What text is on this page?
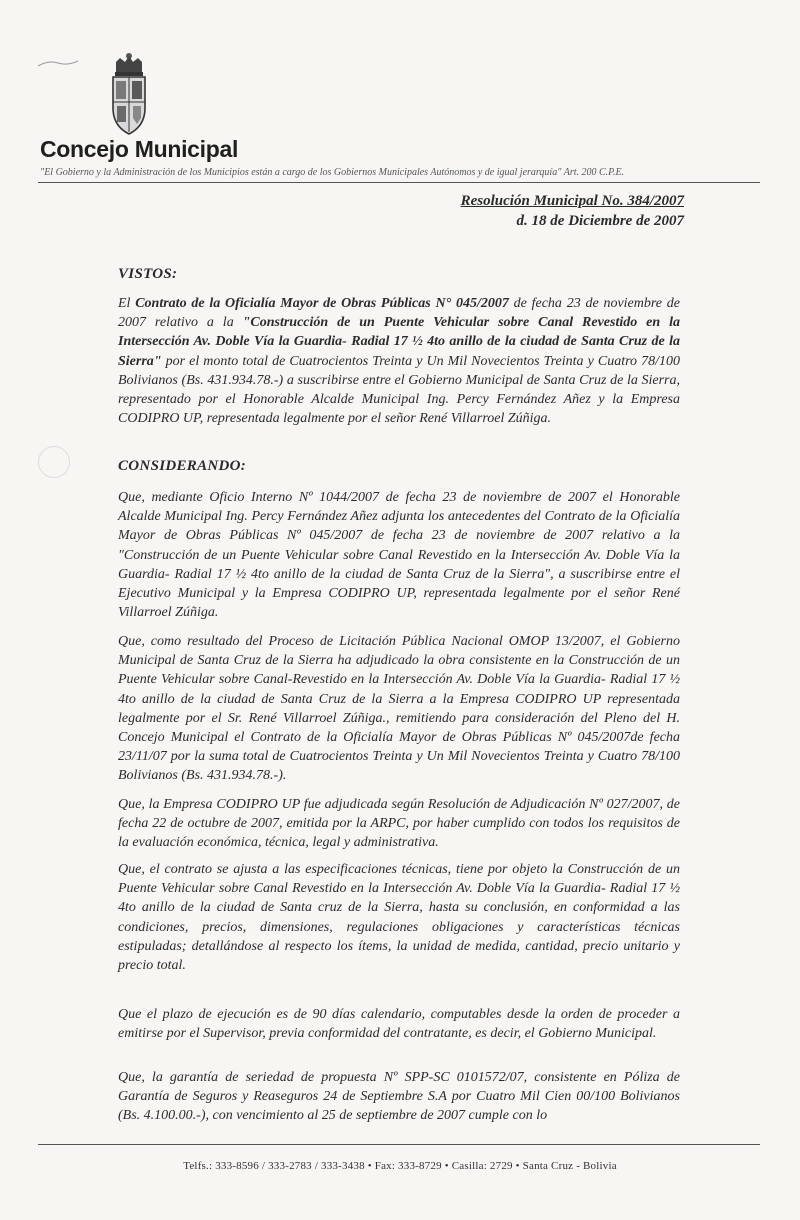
Concejo Municipal
"El Gobierno y la Administración de los Municipios están a cargo de los Gobiernos Municipales Autónomos y de igual jerarquía" Art. 200 C.P.E.
Resolución Municipal No. 384/2007
d. 18 de Diciembre de 2007
VISTOS:

El Contrato de la Oficialía Mayor de Obras Públicas N° 045/2007 de fecha 23 de noviembre de 2007 relativo a la "Construcción de un Puente Vehicular sobre Canal Revestido en la Intersección Av. Doble Vía la Guardia- Radial 17 ½ 4to anillo de la ciudad de Santa Cruz de la Sierra" por el monto total de Cuatrocientos Treinta y Un Mil Novecientos Treinta y Cuatro 78/100 Bolivianos (Bs. 431.934.78.-) a suscribirse entre el Gobierno Municipal de Santa Cruz de la Sierra, representado por el Honorable Alcalde Municipal Ing. Percy Fernández Añez y la Empresa CODIPRO UP, representada legalmente por el señor René Villarroel Zúñiga.

CONSIDERANDO:

Que, mediante Oficio Interno Nº 1044/2007 de fecha 23 de noviembre de 2007 el Honorable Alcalde Municipal Ing. Percy Fernández Añez adjunta los antecedentes del Contrato de la Oficialía Mayor de Obras Públicas Nº 045/2007 de fecha 23 de noviembre de 2007 relativo a la "Construcción de un Puente Vehicular sobre Canal Revestido en la Intersección Av. Doble Vía la Guardia- Radial 17 ½ 4to anillo de la ciudad de Santa Cruz de la Sierra", a suscribirse entre el Ejecutivo Municipal y la Empresa CODIPRO UP, representada legalmente por el señor René Villarroel Zúñiga.

Que, como resultado del Proceso de Licitación Pública Nacional OMOP 13/2007, el Gobierno Municipal de Santa Cruz de la Sierra ha adjudicado la obra consistente en la Construcción de un Puente Vehicular sobre Canal-Revestido en la Intersección Av. Doble Vía la Guardia- Radial 17 ½ 4to anillo de la ciudad de Santa Cruz de la Sierra a la Empresa CODIPRO UP representada legalmente por el Sr. René Villarroel Zúñiga., remitiendo para consideración del Pleno del H. Concejo Municipal el Contrato de la Oficialía Mayor de Obras Públicas Nº 045/2007de fecha 23/11/07 por la suma total de Cuatrocientos Treinta y Un Mil Novecientos Treinta y Cuatro 78/100 Bolivianos (Bs. 431.934.78.-).

Que, la Empresa CODIPRO UP fue adjudicada según Resolución de Adjudicación Nº 027/2007, de fecha 22 de octubre de 2007, emitida por la ARPC, por haber cumplido con todos los requisitos de la evaluación económica, técnica, legal y administrativa.

Que, el contrato se ajusta a las especificaciones técnicas, tiene por objeto la Construcción de un Puente Vehicular sobre Canal Revestido en la Intersección Av. Doble Vía la Guardia- Radial 17 ½ 4to anillo de la ciudad de Santa cruz de la Sierra, hasta su conclusión, en conformidad a las condiciones, precios, dimensiones, regulaciones obligaciones y características técnicas estipuladas; detallándose al respecto los ítems, la unidad de medida, cantidad, precio unitario y precio total.

Que el plazo de ejecución es de 90 días calendario, computables desde la orden de proceder a emitirse por el Supervisor, previa conformidad del contratante, es decir, el Gobierno Municipal.

Que, la garantía de seriedad de propuesta Nº SPP-SC 0101572/07, consistente en Póliza de Garantía de Seguros y Reaseguros 24 de Septiembre S.A por Cuatro Mil Cien 00/100 Bolivianos (Bs. 4.100.00.-), con vencimiento al 25 de septiembre de 2007 cumple con lo

Telfs.: 333-8596 / 333-2783 / 333-3438 • Fax: 333-8729 • Casilla: 2729 • Santa Cruz - Bolivia
